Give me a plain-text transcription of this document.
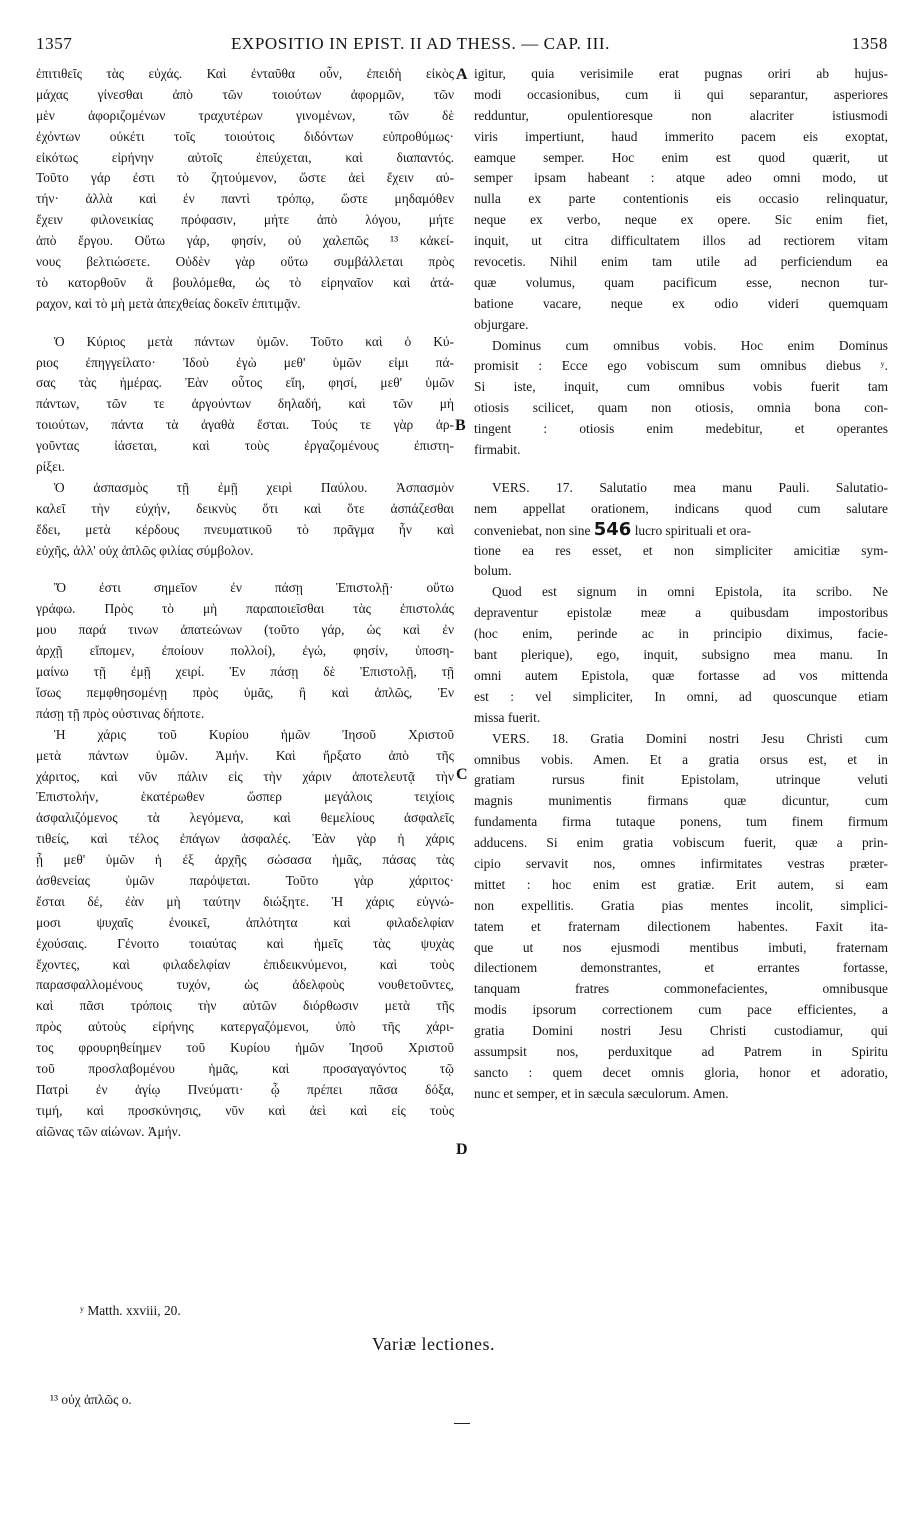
1357	EXPOSITIO IN EPIST. II AD THESS. — CAP. III.	1358
A
B
C
D
ἐπιτιθεῖς τὰς εὐχάς. Καὶ ἐνταῦθα οὖν, ἐπειδὴ εἰκὸς
μάχας γίνεσθαι ἀπὸ τῶν τοιούτων ἀφορμῶν, τῶν
μὲν ἀφοριζομένων τραχυτέρων γινομένων, τῶν δὲ
ἐχόντων οὐκέτι τοῖς τοιούτοις διδόντων εὐπροθύμως·
εἰκότως εἰρήνην αὐτοῖς ἐπεύχεται, καὶ διαπαντός.
Τοῦτο γάρ ἐστι τὸ ζητούμενον, ὥστε ἀεὶ ἔχειν αὐ-
τήν· ἀλλὰ καὶ ἐν παντὶ τρόπῳ, ὥστε μηδαμόθεν
ἔχειν φιλονεικίας πρόφασιν, μήτε ἀπὸ λόγου, μήτε
ἀπὸ ἔργου. Οὕτω γάρ, φησίν, οὐ χαλεπῶς ¹³ κἀκεί-
νους βελτιώσετε. Οὐδὲν γὰρ οὕτω συμβάλλεται πρὸς
τὸ κατορθοῦν ἃ βουλόμεθα, ὡς τὸ εἰρηναῖον καὶ ἀτά-
ραχον, καὶ τὸ μὴ μετὰ ἀπεχθείας δοκεῖν ἐπιτιμᾷν.
Ὁ Κύριος μετὰ πάντων ὑμῶν. Τοῦτο καὶ ὁ Κύ-
ριος ἐπηγγείλατο· Ἰδοὺ ἐγὼ μεθ' ὑμῶν εἰμι πά-
σας τὰς ἡμέρας. Ἐὰν οὗτος εἴη, φησί, μεθ' ὑμῶν
πάντων, τῶν τε ἀργούντων δηλαδή, καὶ τῶν μὴ
τοιούτων, πάντα τὰ ἀγαθὰ ἔσται. Τούς τε γὰρ ἀρ-
γοῦντας ἰάσεται, καὶ τοὺς ἐργαζομένους ἐπιστη-
ρίξει.
Ὁ ἀσπασμὸς τῇ ἐμῇ χειρὶ Παύλου. Ἀσπασμὸν
καλεῖ τὴν εὐχήν, δεικνὺς ὅτι καὶ ὅτε ἀσπάζεσθαι
ἔδει, μετὰ κέρδους πνευματικοῦ τὸ πρᾶγμα ἦν καὶ
εὐχῆς, ἀλλ' οὐχ ἁπλῶς φιλίας σύμβολον.
Ὅ ἐστι σημεῖον ἐν πάσῃ Ἐπιστολῇ· οὕτω
γράφω. Πρὸς τὸ μὴ παραποιεῖσθαι τὰς ἐπιστολάς
μου παρά τινων ἀπατεώνων (τοῦτο γάρ, ὡς καὶ ἐν
ἀρχῇ εἴπομεν, ἐποίουν πολλοί), ἐγώ, φησίν, ὑποση-
μαίνω τῇ ἐμῇ χειρί. Ἐν πάσῃ δὲ Ἐπιστολῇ, τῇ
ἴσως πεμφθησομένῃ πρὸς ὑμᾶς, ἢ καὶ ἁπλῶς, Ἐν
πάσῃ τῇ πρὸς οὐστινας δήποτε.
Ἡ χάρις τοῦ Κυρίου ἡμῶν Ἰησοῦ Χριστοῦ
μετὰ πάντων ὑμῶν. Ἀμήν. Καὶ ἤρξατο ἀπὸ τῆς
χάριτος, καὶ νῦν πάλιν εἰς τὴν χάριν ἀποτελευτᾷ τὴν
Ἐπιστολήν, ἑκατέρωθεν ὥσπερ μεγάλοις τειχίοις
ἀσφαλιζόμενος τὰ λεγόμενα, καὶ θεμελίους ἀσφαλεῖς
τιθείς, καὶ τέλος ἐπάγων ἀσφαλές. Ἐὰν γὰρ ἡ χάρις
ᾖ μεθ' ὑμῶν ἡ ἐξ ἀρχῆς σώσασα ἡμᾶς, πάσας τὰς
ἀσθενείας ὑμῶν παρόψεται. Τοῦτο γὰρ χάριτος·
ἔσται δέ, ἐὰν μὴ ταύτην διώξητε. Ἡ χάρις εὐγνώ-
μοσι ψυχαῖς ἐνοικεῖ, ἁπλότητα καὶ φιλαδελφίαν
ἐχούσαις. Γένοιτο τοιαύτας καὶ ἡμεῖς τὰς ψυχὰς
ἔχοντες, καὶ φιλαδελφίαν ἐπιδεικνύμενοι, καὶ τοὺς
παρασφαλλομένους τυχόν, ὡς ἀδελφοὺς νουθετοῦντες,
καὶ πᾶσι τρόποις τὴν αὐτῶν διόρθωσιν μετὰ τῆς
πρὸς αὐτοὺς εἰρήνης κατεργαζόμενοι, ὑπὸ τῆς χάρι-
τος φρουρηθείημεν τοῦ Κυρίου ἡμῶν Ἰησοῦ Χριστοῦ
τοῦ προσλαβομένου ἡμᾶς, καὶ προσαγαγόντος τῷ
Πατρὶ ἐν ἁγίῳ Πνεύματι· ᾧ πρέπει πᾶσα δόξα,
τιμή, καὶ προσκύνησις, νῦν καὶ ἀεὶ καὶ εἰς τοὺς
αἰῶνας τῶν αἰώνων. Ἀμήν.
igitur, quia verisimile erat pugnas oriri ab hujus-
modi occasionibus, cum ii qui separantur, asperiores
redduntur, opulentioresque non alacriter istiusmodi
viris impertiunt, haud immerito pacem eis exoptat,
eamque semper. Hoc enim est quod quærit, ut
semper ipsam habeant : atque adeo omni modo, ut
nulla ex parte contentionis eis occasio relinquatur,
neque ex verbo, neque ex opere. Sic enim fiet,
inquit, ut citra difficultatem illos ad rectiorem vitam
revocetis. Nihil enim tam utile ad perficiendum ea
quæ volumus, quam pacificum esse, necnon tur-
batione vacare, neque ex odio videri quemquam
objurgare.
Dominus cum omnibus vobis. Hoc enim Dominus
promisit : Ecce ego vobiscum sum omnibus diebus ʸ.
Si iste, inquit, cum omnibus vobis fuerit tam
otiosis scilicet, quam non otiosis, omnia bona con-
tingent : otiosis enim medebitur, et operantes
firmabit.
VERS. 17. Salutatio mea manu Pauli. Salutatio-
nem appellat orationem, indicans quod cum salutare
conveniebat, non sine 546 lucro spirituali et ora-
tione ea res esset, et non simpliciter amicitiæ sym-
bolum.
Quod est signum in omni Epistola, ita scribo. Ne
depraventur epistolæ meæ a quibusdam impostoribus
(hoc enim, perinde ac in principio diximus, facie-
bant plerique), ego, inquit, subsigno mea manu. In
omni autem Epistola, quæ fortasse ad vos mittenda
est : vel simpliciter, In omni, ad quoscunque etiam
missa fuerit.
VERS. 18. Gratia Domini nostri Jesu Christi cum
omnibus vobis. Amen. Et a gratia orsus est, et in
gratiam rursus finit Epistolam, utrinque veluti
magnis munimentis firmans quæ dicuntur, cum
fundamenta firma tutaque ponens, tum finem firmum
adducens. Si enim gratia vobiscum fuerit, quæ a prin-
cipio servavit nos, omnes infirmitates vestras præter-
mittet : hoc enim est gratiæ. Erit autem, si eam
non expellitis. Gratia pias mentes incolit, simplici-
tatem et fraternam dilectionem habentes. Faxit ita-
que ut nos ejusmodi mentibus imbuti, fraternam
dilectionem demonstrantes, et errantes fortasse,
tanquam fratres commonefacientes, omnibusque
modis ipsorum correctionem cum pace efficientes, a
gratia Domini nostri Jesu Christi custodiamur, qui
assumpsit nos, perduxitque ad Patrem in Spiritu
sancto : quem decet omnis gloria, honor et adoratio,
nunc et semper, et in sæcula sæculorum. Amen.
ʸ Matth. xxviii, 20.
Variæ lectiones.
¹³ οὐχ ἁπλῶς ο.
